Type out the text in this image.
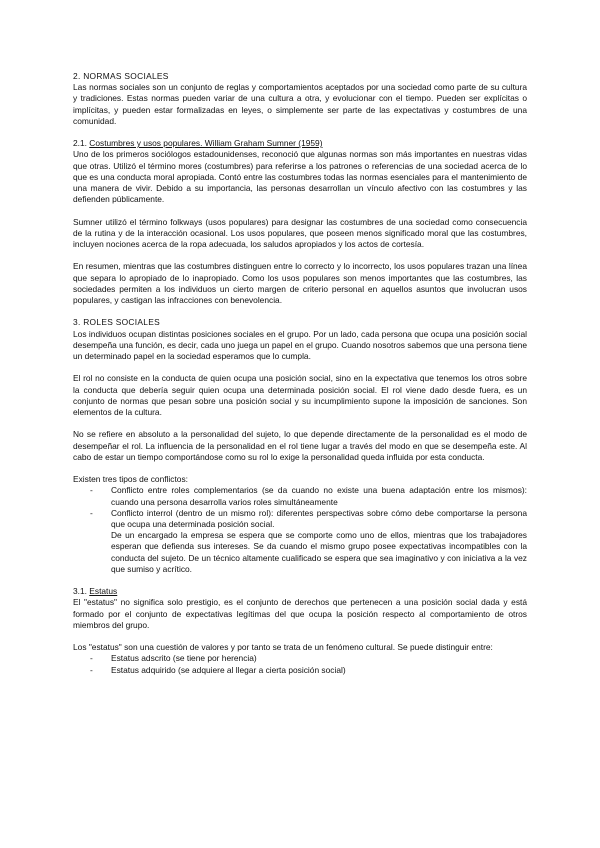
2. NORMAS SOCIALES

Las normas sociales son un conjunto de reglas y comportamientos aceptados por una sociedad como parte de su cultura y tradiciones. Estas normas pueden variar de una cultura a otra, y evolucionar con el tiempo. Pueden ser explícitas o implícitas, y pueden estar formalizadas en leyes, o simplemente ser parte de las expectativas y costumbres de una comunidad.

2.1. Costumbres y usos populares. William Graham Sumner (1959)

Uno de los primeros sociólogos estadounidenses, reconoció que algunas normas son más importantes en nuestras vidas que otras. Utilizó el término mores (costumbres) para referirse a los patrones o referencias de una sociedad acerca de lo que es una conducta moral apropiada. Contó entre las costumbres todas las normas esenciales para el mantenimiento de una manera de vivir. Debido a su importancia, las personas desarrollan un vínculo afectivo con las costumbres y las defienden públicamente.

Sumner utilizó el término folkways (usos populares) para designar las costumbres de una sociedad como consecuencia de la rutina y de la interacción ocasional. Los usos populares, que poseen menos significado moral que las costumbres, incluyen nociones acerca de la ropa adecuada, los saludos apropiados y los actos de cortesía.

En resumen, mientras que las costumbres distinguen entre lo correcto y lo incorrecto, los usos populares trazan una línea que separa lo apropiado de lo inapropiado. Como los usos populares son menos importantes que las costumbres, las sociedades permiten a los individuos un cierto margen de criterio personal en aquellos asuntos que involucran usos populares, y castigan las infracciones con benevolencia.

3. ROLES SOCIALES

Los individuos ocupan distintas posiciones sociales en el grupo. Por un lado, cada persona que ocupa una posición social desempeña una función, es decir, cada uno juega un papel en el grupo. Cuando nosotros sabemos que una persona tiene un determinado papel en la sociedad esperamos que lo cumpla.

El rol no consiste en la conducta de quien ocupa una posición social, sino en la expectativa que tenemos los otros sobre la conducta que debería seguir quien ocupa una determinada posición social. El rol viene dado desde fuera, es un conjunto de normas que pesan sobre una posición social y su incumplimiento supone la imposición de sanciones. Son elementos de la cultura.

No se refiere en absoluto a la personalidad del sujeto, lo que depende directamente de la personalidad es el modo de desempeñar el rol. La influencia de la personalidad en el rol tiene lugar a través del modo en que se desempeña este. Al cabo de estar un tiempo comportándose como su rol lo exige la personalidad queda influida por esta conducta.

Existen tres tipos de conflictos:

- Conflicto entre roles complementarios (se da cuando no existe una buena adaptación entre los mismos): cuando una persona desarrolla varios roles simultáneamente
- Conflicto interrol (dentro de un mismo rol): diferentes perspectivas sobre cómo debe comportarse la persona que ocupa una determinada posición social.

De un encargado la empresa se espera que se comporte como uno de ellos, mientras que los trabajadores esperan que defienda sus intereses. Se da cuando el mismo grupo posee expectativas incompatibles con la conducta del sujeto. De un técnico altamente cualificado se espera que sea imaginativo y con iniciativa a la vez que sumiso y acrítico.

3.1. Estatus

El "estatus" no significa solo prestigio, es el conjunto de derechos que pertenecen a una posición social dada y está formado por el conjunto de expectativas legítimas del que ocupa la posición respecto al comportamiento de otros miembros del grupo.

Los "estatus" son una cuestión de valores y por tanto se trata de un fenómeno cultural. Se puede distinguir entre:

- Estatus adscrito (se tiene por herencia)
- Estatus adquirido (se adquiere al llegar a cierta posición social)
